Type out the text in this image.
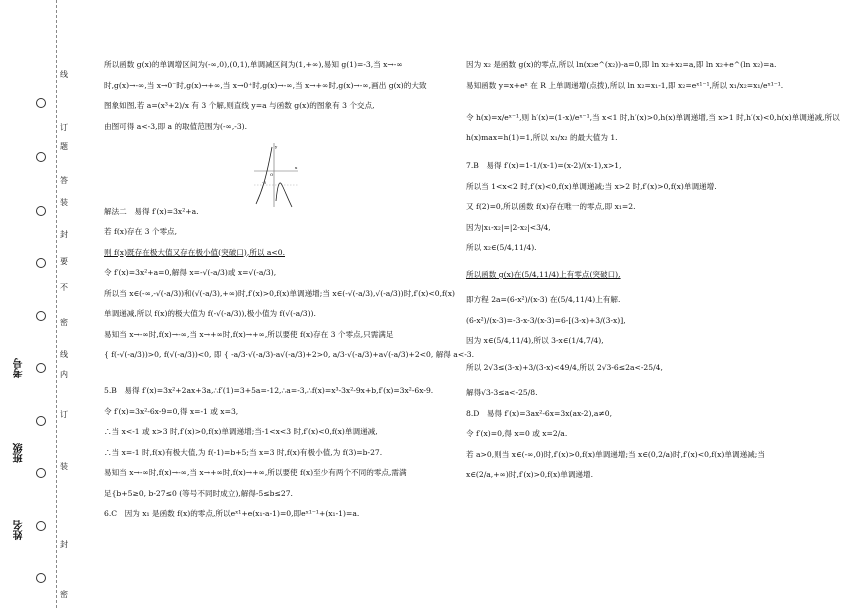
线
订
题
答
装
封
要
不
密
内
线
订
装
封
密
考号
班级
姓名

所以函数 g(x)的单调增区间为(-∞,0),(0,1),单调减区间为(1,+∞),易知 g(1)=-3,当 x→-∞

时,g(x)→-∞,当 x→0⁻时,g(x)→+∞,当 x→0⁺时,g(x)→-∞,当 x→+∞时,g(x)→-∞,画出 g(x)的大致

图象如图,若 a=(x³+2)/x 有 3 个解,则直线 y=a 与函数 g(x)的图象有 3 个交点,

由图可得 a<-3,即 a 的取值范围为(-∞,-3).

解法二　易得 f′(x)=3x²+a.

若 f(x)存在 3 个零点,

则 f(x)既存在极大值又存在极小值(突破口),所以 a<0.

令 f′(x)=3x²+a=0,解得 x=-√(-a/3)或 x=√(-a/3),

所以当 x∈(-∞,-√(-a/3))和(√(-a/3),+∞)时,f′(x)>0,f(x)单调递增;当 x∈(-√(-a/3),√(-a/3))时,f′(x)<0,f(x)

单调递减,所以 f(x)的极大值为 f(-√(-a/3)),极小值为 f(√(-a/3)).

易知当 x→-∞时,f(x)→-∞,当 x→+∞时,f(x)→+∞,所以要使 f(x)存在 3 个零点,只需满足

{ f(-√(-a/3))>0, f(√(-a/3))<0, 即 { -a/3·√(-a/3)-a√(-a/3)+2>0, a/3·√(-a/3)+a√(-a/3)+2<0, 解得 a<-3.

5.B　易得 f′(x)=3x²+2ax+3a,∴f′(1)=3+5a=-12,∴a=-3,∴f(x)=x³-3x²-9x+b,f′(x)=3x²-6x-9.

令 f′(x)=3x²-6x-9=0,得 x=-1 或 x=3,

∴当 x<-1 或 x>3 时,f′(x)>0,f(x)单调递增;当-1<x<3 时,f′(x)<0,f(x)单调递减,

∴当 x=-1 时,f(x)有极大值,为 f(-1)=b+5;当 x=3 时,f(x)有极小值,为 f(3)=b-27.

易知当 x→-∞时,f(x)→-∞,当 x→+∞时,f(x)→+∞,所以要使 f(x)至少有两个不同的零点,需满

足{b+5≥0, b-27≤0 (等号不同时成立),解得-5≤b≤27.

6.C　因为 x₁ 是函数 f(x)的零点,所以eˣ¹+e(x₁-a-1)=0,即eˣ¹⁻¹+(x₁-1)=a.

y
x
O
-3

因为 x₂ 是函数 g(x)的零点,所以 ln(x₂e^(x₂))-a=0,即 ln x₂+x₂=a,即 ln x₂+e^(ln x₂)=a.

易知函数 y=x+eˣ 在 R 上单调递增(点拨),所以 ln x₂=x₁-1,即 x₂=eˣ¹⁻¹,所以 x₁/x₂=x₁/eˣ¹⁻¹.

令 h(x)=x/eˣ⁻¹,则 h′(x)=(1-x)/eˣ⁻¹,当 x<1 时,h′(x)>0,h(x)单调递增,当 x>1 时,h′(x)<0,h(x)单调递减,所以

h(x)max=h(1)=1,所以 x₁/x₂ 的最大值为 1.

7.B　易得 f′(x)=1-1/(x-1)=(x-2)/(x-1),x>1,

所以当 1<x<2 时,f′(x)<0,f(x)单调递减;当 x>2 时,f′(x)>0,f(x)单调递增.

又 f(2)=0,所以函数 f(x)存在唯一的零点,即 x₁=2.

因为|x₁-x₂|=|2-x₂|<3/4,

所以 x₂∈(5/4,11/4).

所以函数 g(x)在(5/4,11/4)上有零点(突破口),

即方程 2a=(6-x²)/(x-3) 在(5/4,11/4)上有解.

(6-x²)/(x-3)=-3-x-3/(x-3)=6-[(3-x)+3/(3-x)],

因为 x∈(5/4,11/4),所以 3-x∈(1/4,7/4),

所以 2√3≤(3-x)+3/(3-x)<49/4,所以 2√3-6≤2a<-25/4,

解得√3-3≤a<-25/8.

8.D　易得 f′(x)=3ax²-6x=3x(ax-2),a≠0,

令 f′(x)=0,得 x=0 或 x=2/a.

若 a>0,则当 x∈(-∞,0)时,f′(x)>0,f(x)单调递增;当 x∈(0,2/a)时,f′(x)<0,f(x)单调递减;当

x∈(2/a,+∞)时,f′(x)>0,f(x)单调递增.
